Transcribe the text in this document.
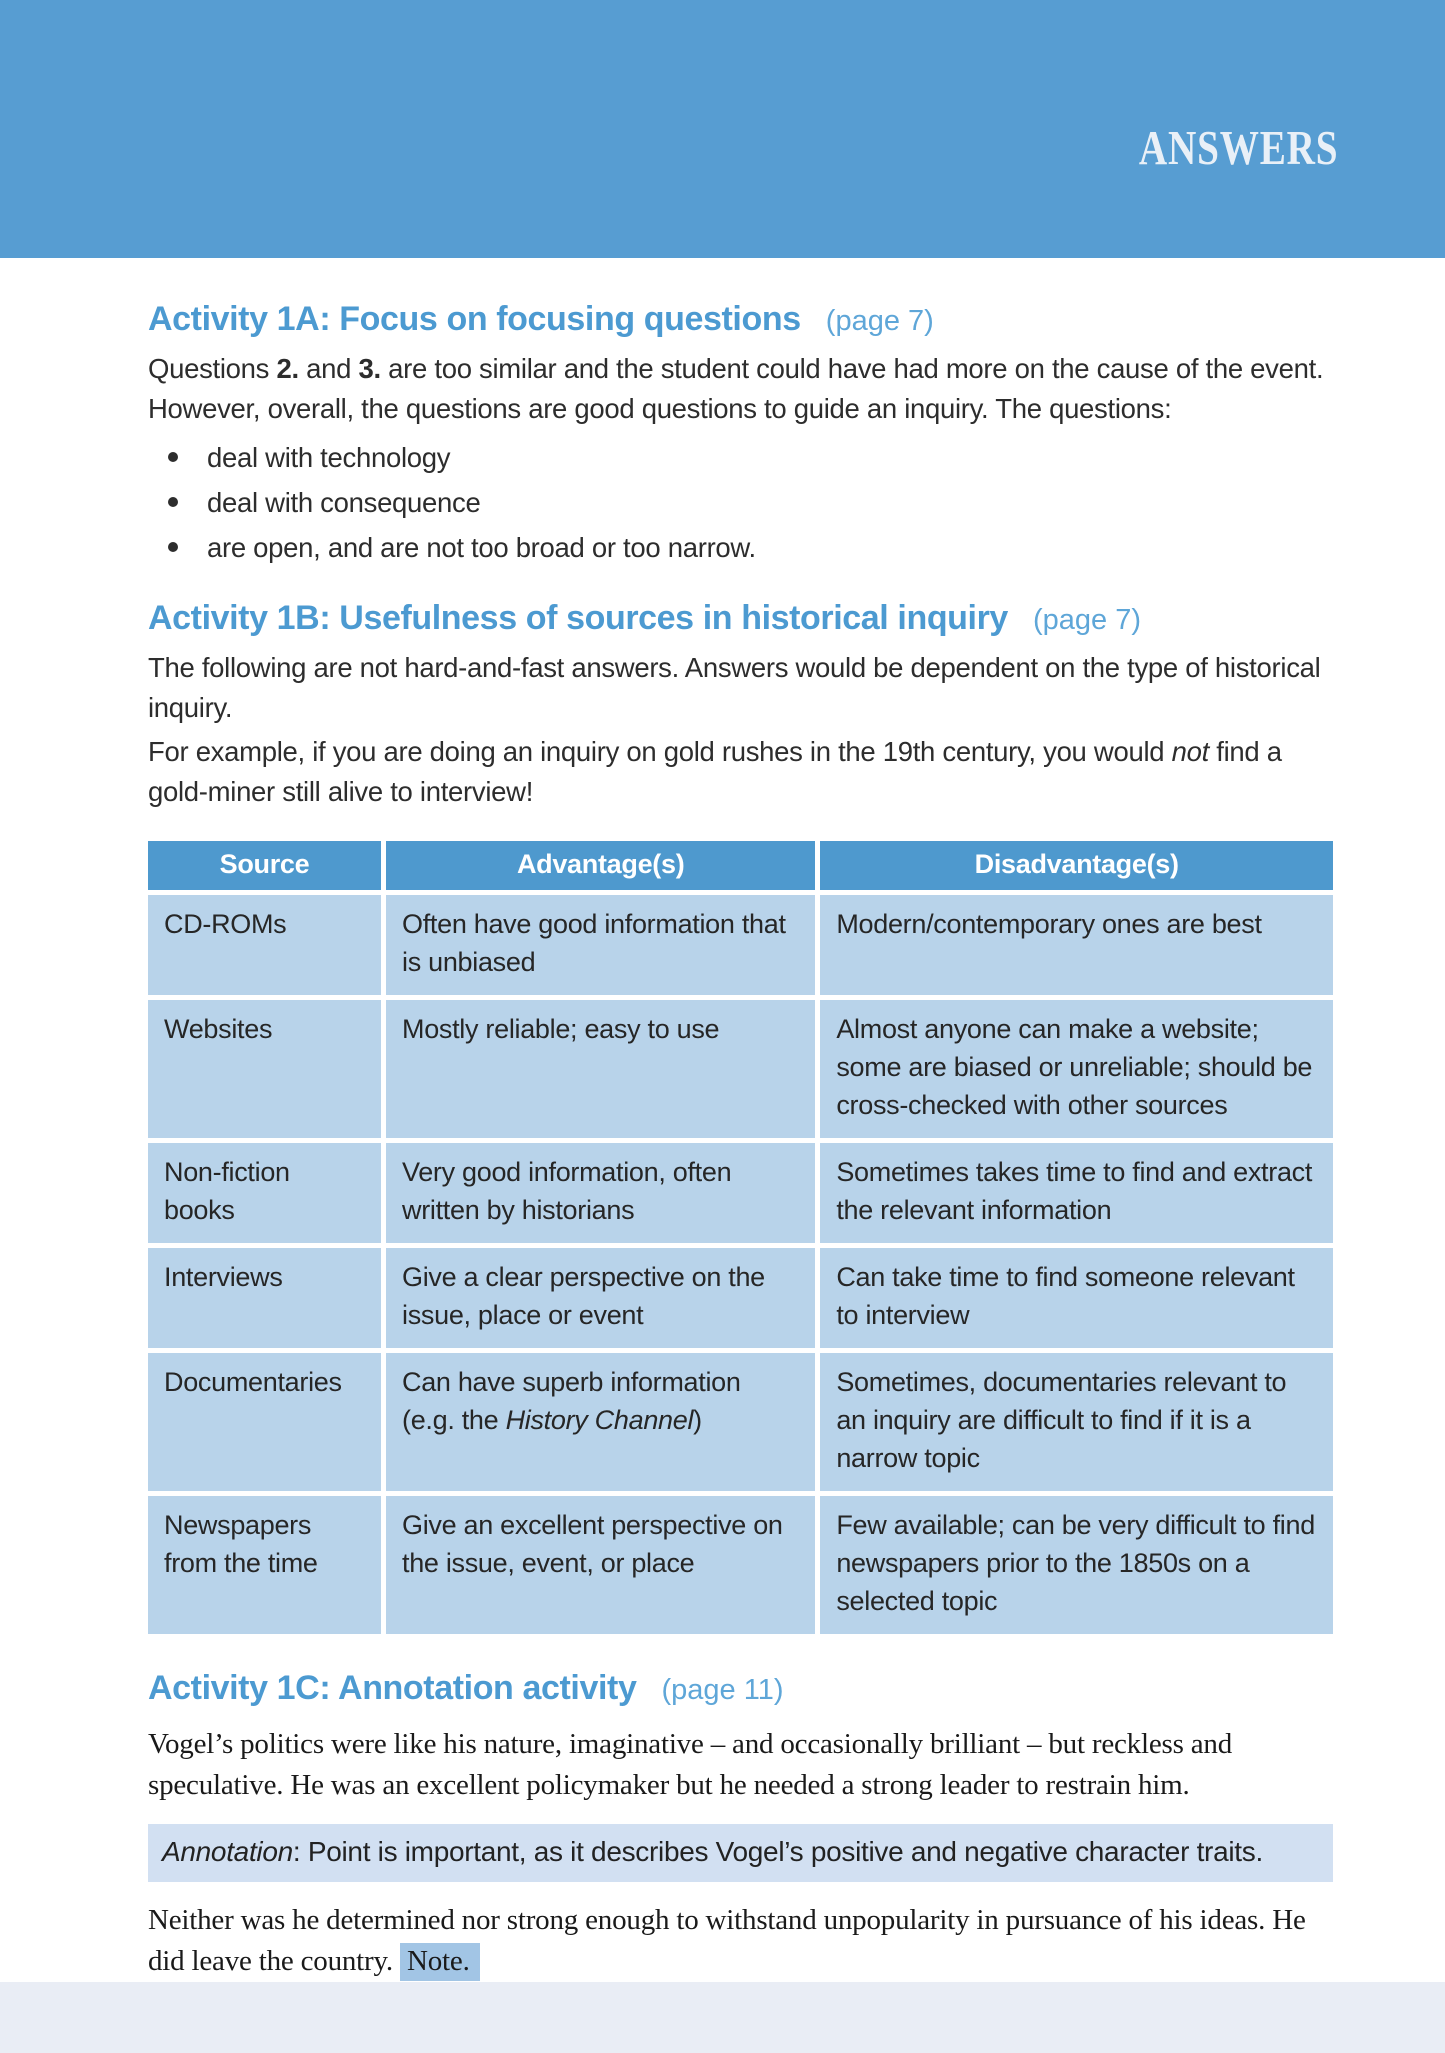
ANSWERS
Activity 1A: Focus on focusing questions (page 7)

Questions 2. and 3. are too similar and the student could have had more on the cause of the event. However, overall, the questions are good questions to guide an inquiry. The questions:

deal with technology
deal with consequence
are open, and are not too broad or too narrow.
Activity 1B: Usefulness of sources in historical inquiry (page 7)

The following are not hard-and-fast answers. Answers would be dependent on the type of historical inquiry.

For example, if you are doing an inquiry on gold rushes in the 19th century, you would not find a gold-miner still alive to interview!

Source	Advantage(s)	Disadvantage(s)
CD-ROMs	Often have good information that is unbiased	Modern/contemporary ones are best
Websites	Mostly reliable; easy to use	Almost anyone can make a website; some are biased or unreliable; should be cross-checked with other sources
Non-fiction books	Very good information, often written by historians	Sometimes takes time to find and extract the relevant information
Interviews	Give a clear perspective on the issue, place or event	Can take time to find someone relevant to interview
Documentaries	Can have superb information (e.g. the History Channel)	Sometimes, documentaries relevant to an inquiry are difficult to find if it is a narrow topic
Newspapers from the time	Give an excellent perspective on the issue, event, or place	Few available; can be very difficult to find newspapers prior to the 1850s on a selected topic
Activity 1C: Annotation activity (page 11)

Vogel’s politics were like his nature, imaginative – and occasionally brilliant – but reckless and speculative. He was an excellent policymaker but he needed a strong leader to restrain him.

Annotation: Point is important, as it describes Vogel’s positive and negative character traits.

Neither was he determined nor strong enough to withstand unpopularity in pursuance of his ideas. He did leave the country. Note.
